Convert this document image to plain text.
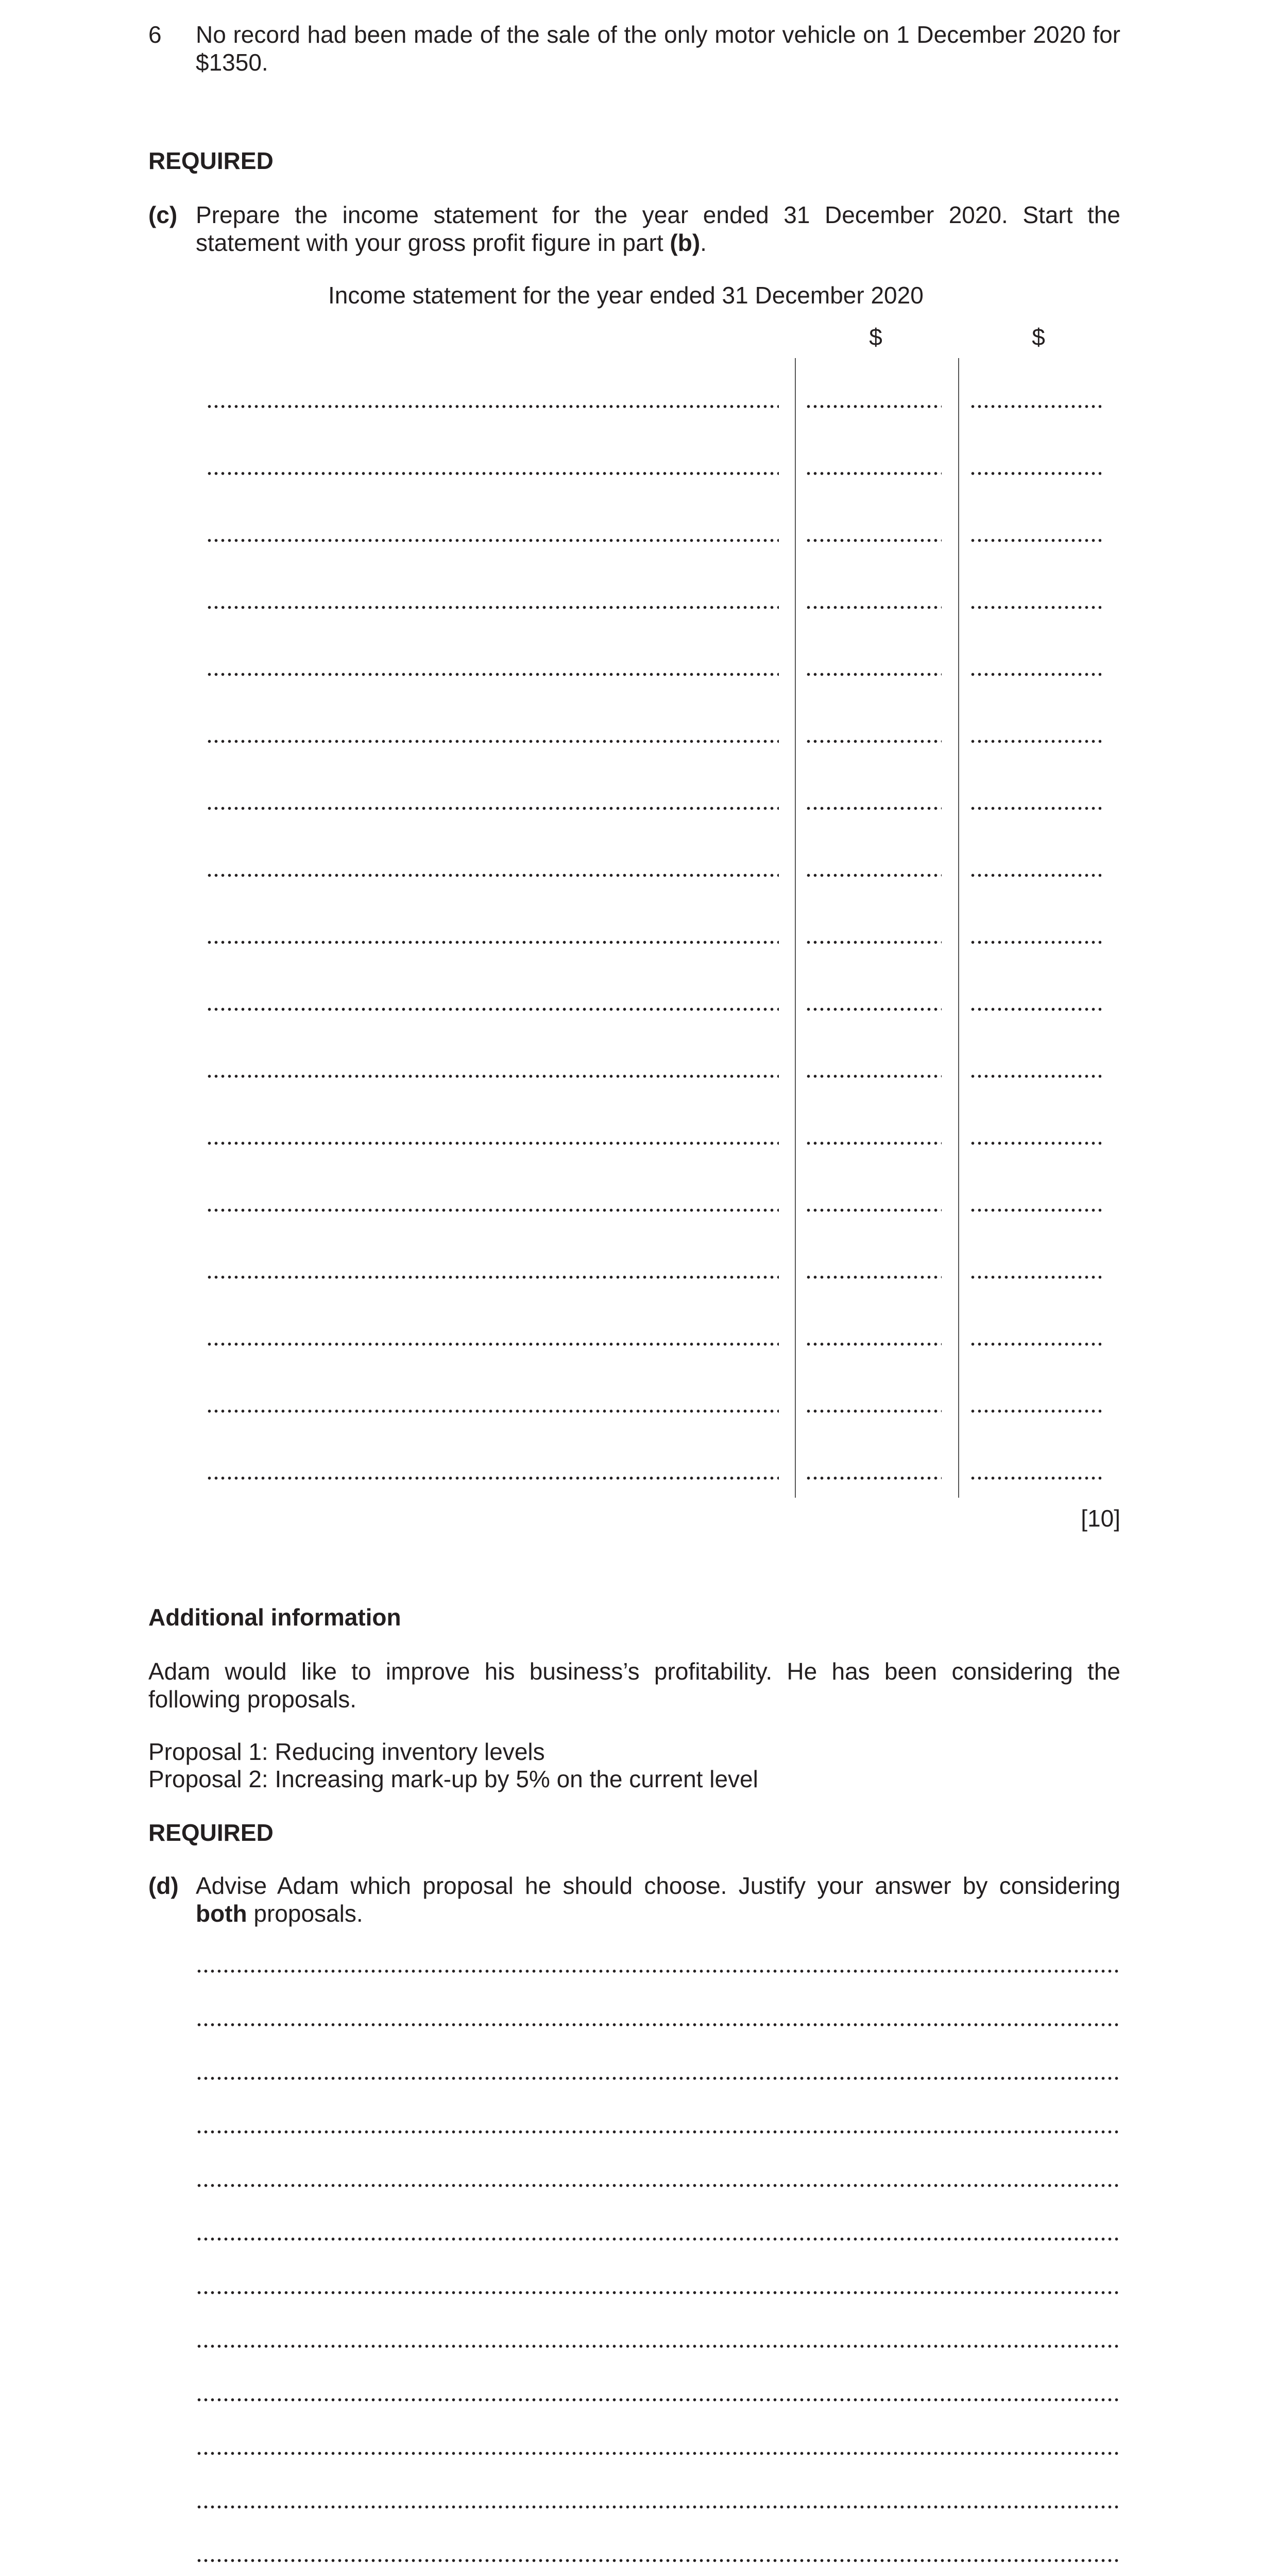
6 No record had been made of the sale of the only motor vehicle on 1 December 2020 for $1350.
REQUIRED
(c) Prepare the income statement for the year ended 31 December 2020. Start the statement with your gross profit figure in part (b).
Income statement for the year ended 31 December 2020
$	$
[10]
Additional information
Adam would like to improve his business’s profitability. He has been considering the following proposals.
Proposal 1: Reducing inventory levels
Proposal 2: Increasing mark-up by 5% on the current level
REQUIRED
(d) Advise Adam which proposal he should choose. Justify your answer by considering both proposals.
